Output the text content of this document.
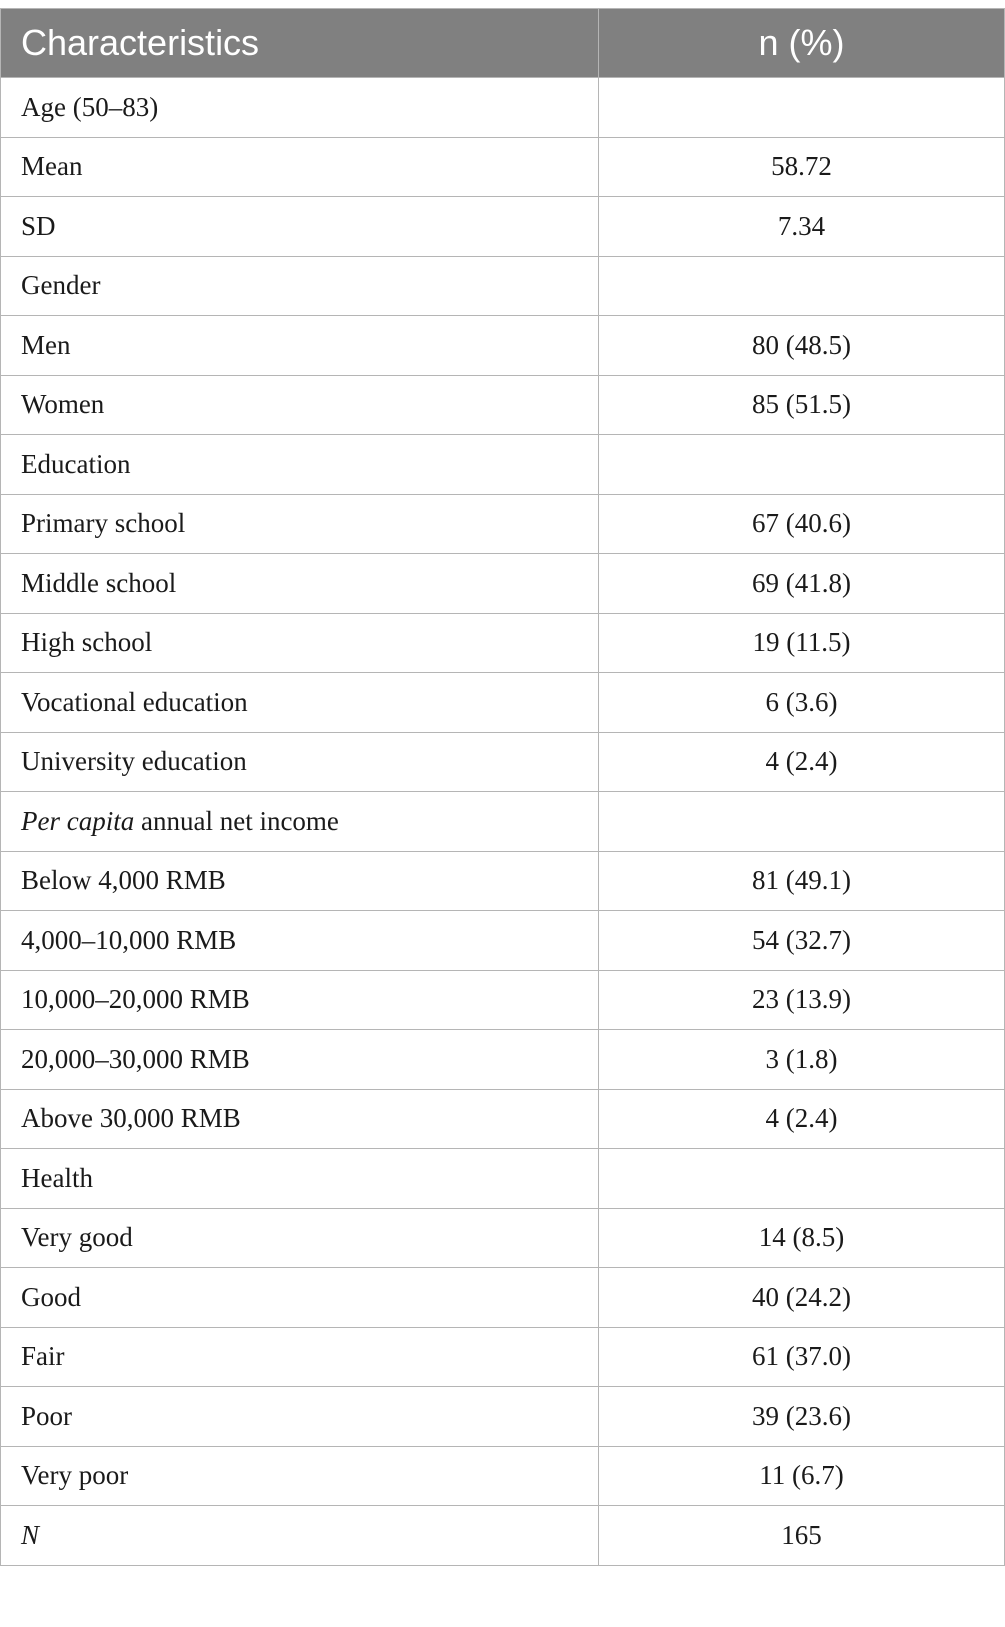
Characteristics	n (%)
Age (50–83)	
Mean	58.72
SD	7.34
Gender	
Men	80 (48.5)
Women	85 (51.5)
Education	
Primary school	67 (40.6)
Middle school	69 (41.8)
High school	19 (11.5)
Vocational education	6 (3.6)
University education	4 (2.4)
Per capita annual net income	
Below 4,000 RMB	81 (49.1)
4,000–10,000 RMB	54 (32.7)
10,000–20,000 RMB	23 (13.9)
20,000–30,000 RMB	3 (1.8)
Above 30,000 RMB	4 (2.4)
Health	
Very good	14 (8.5)
Good	40 (24.2)
Fair	61 (37.0)
Poor	39 (23.6)
Very poor	11 (6.7)
N	165
